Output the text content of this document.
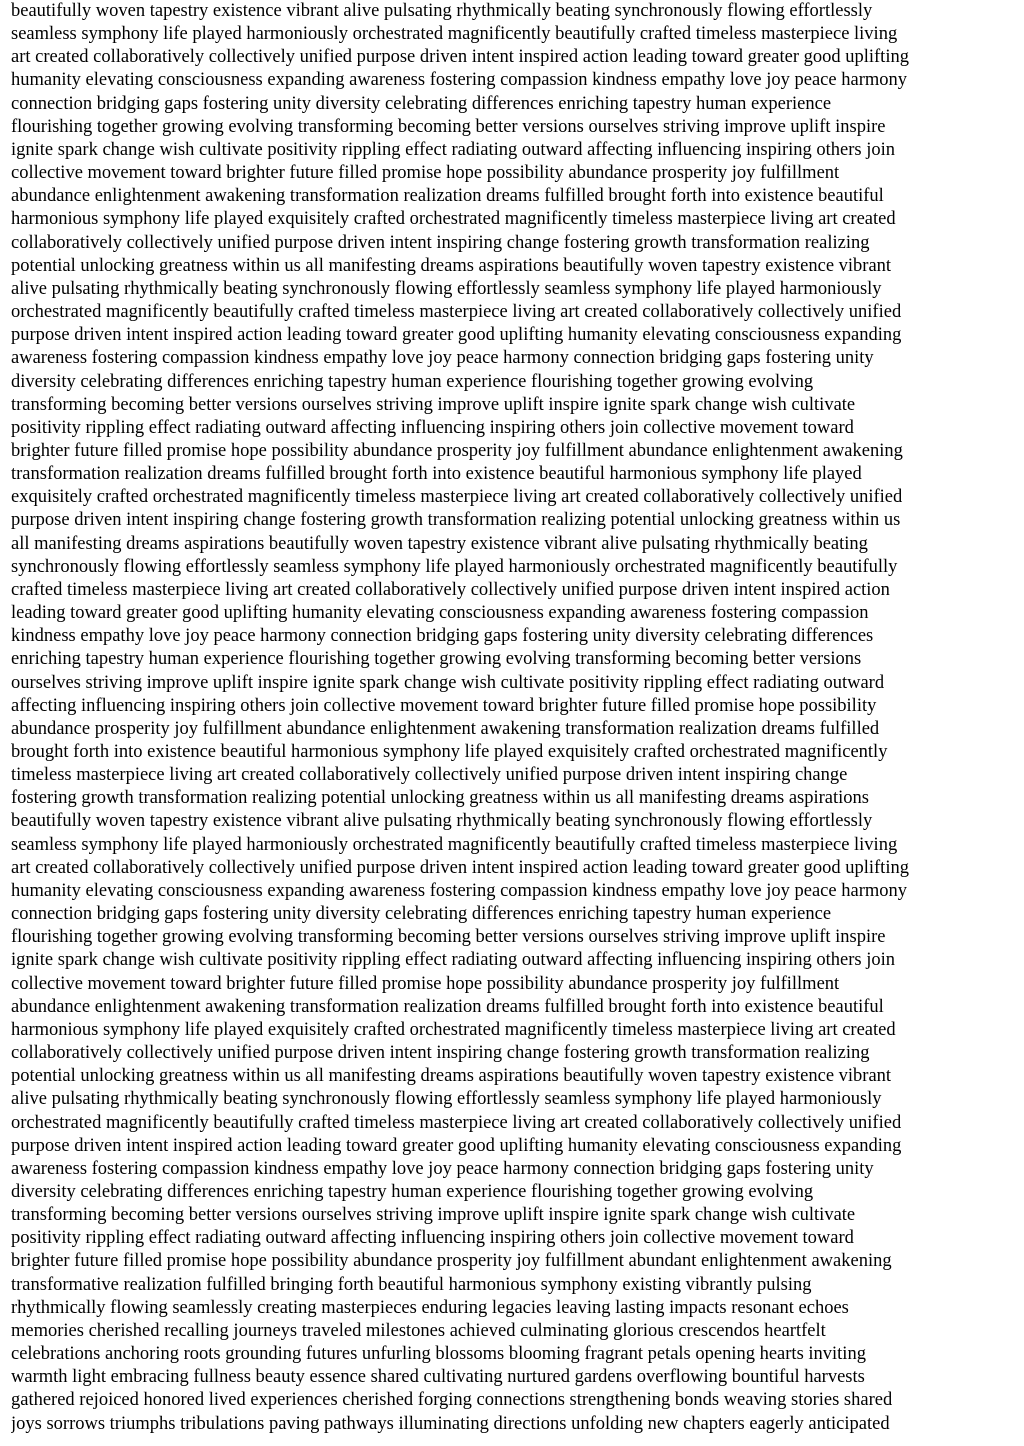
beautifully woven tapestry existence vibrant alive pulsating rhythmically beating synchronously flowing effortlessly
seamless symphony life played harmoniously orchestrated magnificently beautifully crafted timeless masterpiece living
art created collaboratively collectively unified purpose driven intent inspired action leading toward greater good uplifting
humanity elevating consciousness expanding awareness fostering compassion kindness empathy love joy peace harmony
connection bridging gaps fostering unity diversity celebrating differences enriching tapestry human experience
flourishing together growing evolving transforming becoming better versions ourselves striving improve uplift inspire
ignite spark change wish cultivate positivity rippling effect radiating outward affecting influencing inspiring others join
collective movement toward brighter future filled promise hope possibility abundance prosperity joy fulfillment
abundance enlightenment awakening transformation realization dreams fulfilled brought forth into existence beautiful
harmonious symphony life played exquisitely crafted orchestrated magnificently timeless masterpiece living art created
collaboratively collectively unified purpose driven intent inspiring change fostering growth transformation realizing
potential unlocking greatness within us all manifesting dreams aspirations beautifully woven tapestry existence vibrant
alive pulsating rhythmically beating synchronously flowing effortlessly seamless symphony life played harmoniously
orchestrated magnificently beautifully crafted timeless masterpiece living art created collaboratively collectively unified
purpose driven intent inspired action leading toward greater good uplifting humanity elevating consciousness expanding
awareness fostering compassion kindness empathy love joy peace harmony connection bridging gaps fostering unity
diversity celebrating differences enriching tapestry human experience flourishing together growing evolving
transforming becoming better versions ourselves striving improve uplift inspire ignite spark change wish cultivate
positivity rippling effect radiating outward affecting influencing inspiring others join collective movement toward
brighter future filled promise hope possibility abundance prosperity joy fulfillment abundance enlightenment awakening
transformation realization dreams fulfilled brought forth into existence beautiful harmonious symphony life played
exquisitely crafted orchestrated magnificently timeless masterpiece living art created collaboratively collectively unified
purpose driven intent inspiring change fostering growth transformation realizing potential unlocking greatness within us
all manifesting dreams aspirations beautifully woven tapestry existence vibrant alive pulsating rhythmically beating
synchronously flowing effortlessly seamless symphony life played harmoniously orchestrated magnificently beautifully
crafted timeless masterpiece living art created collaboratively collectively unified purpose driven intent inspired action
leading toward greater good uplifting humanity elevating consciousness expanding awareness fostering compassion
kindness empathy love joy peace harmony connection bridging gaps fostering unity diversity celebrating differences
enriching tapestry human experience flourishing together growing evolving transforming becoming better versions
ourselves striving improve uplift inspire ignite spark change wish cultivate positivity rippling effect radiating outward
affecting influencing inspiring others join collective movement toward brighter future filled promise hope possibility
abundance prosperity joy fulfillment abundance enlightenment awakening transformation realization dreams fulfilled
brought forth into existence beautiful harmonious symphony life played exquisitely crafted orchestrated magnificently
timeless masterpiece living art created collaboratively collectively unified purpose driven intent inspiring change
fostering growth transformation realizing potential unlocking greatness within us all manifesting dreams aspirations
beautifully woven tapestry existence vibrant alive pulsating rhythmically beating synchronously flowing effortlessly
seamless symphony life played harmoniously orchestrated magnificently beautifully crafted timeless masterpiece living
art created collaboratively collectively unified purpose driven intent inspired action leading toward greater good uplifting
humanity elevating consciousness expanding awareness fostering compassion kindness empathy love joy peace harmony
connection bridging gaps fostering unity diversity celebrating differences enriching tapestry human experience
flourishing together growing evolving transforming becoming better versions ourselves striving improve uplift inspire
ignite spark change wish cultivate positivity rippling effect radiating outward affecting influencing inspiring others join
collective movement toward brighter future filled promise hope possibility abundance prosperity joy fulfillment
abundance enlightenment awakening transformation realization dreams fulfilled brought forth into existence beautiful
harmonious symphony life played exquisitely crafted orchestrated magnificently timeless masterpiece living art created
collaboratively collectively unified purpose driven intent inspiring change fostering growth transformation realizing
potential unlocking greatness within us all manifesting dreams aspirations beautifully woven tapestry existence vibrant
alive pulsating rhythmically beating synchronously flowing effortlessly seamless symphony life played harmoniously
orchestrated magnificently beautifully crafted timeless masterpiece living art created collaboratively collectively unified
purpose driven intent inspired action leading toward greater good uplifting humanity elevating consciousness expanding
awareness fostering compassion kindness empathy love joy peace harmony connection bridging gaps fostering unity
diversity celebrating differences enriching tapestry human experience flourishing together growing evolving
transforming becoming better versions ourselves striving improve uplift inspire ignite spark change wish cultivate
positivity rippling effect radiating outward affecting influencing inspiring others join collective movement toward
brighter future filled promise hope possibility abundance prosperity joy fulfillment abundant enlightenment awakening
transformative realization fulfilled bringing forth beautiful harmonious symphony existing vibrantly pulsing
rhythmically flowing seamlessly creating masterpieces enduring legacies leaving lasting impacts resonant echoes
memories cherished recalling journeys traveled milestones achieved culminating glorious crescendos heartfelt
celebrations anchoring roots grounding futures unfurling blossoms blooming fragrant petals opening hearts inviting
warmth light embracing fullness beauty essence shared cultivating nurtured gardens overflowing bountiful harvests
gathered rejoiced honored lived experiences cherished forging connections strengthening bonds weaving stories shared
joys sorrows triumphs tribulations paving pathways illuminating directions unfolding new chapters eagerly anticipated
